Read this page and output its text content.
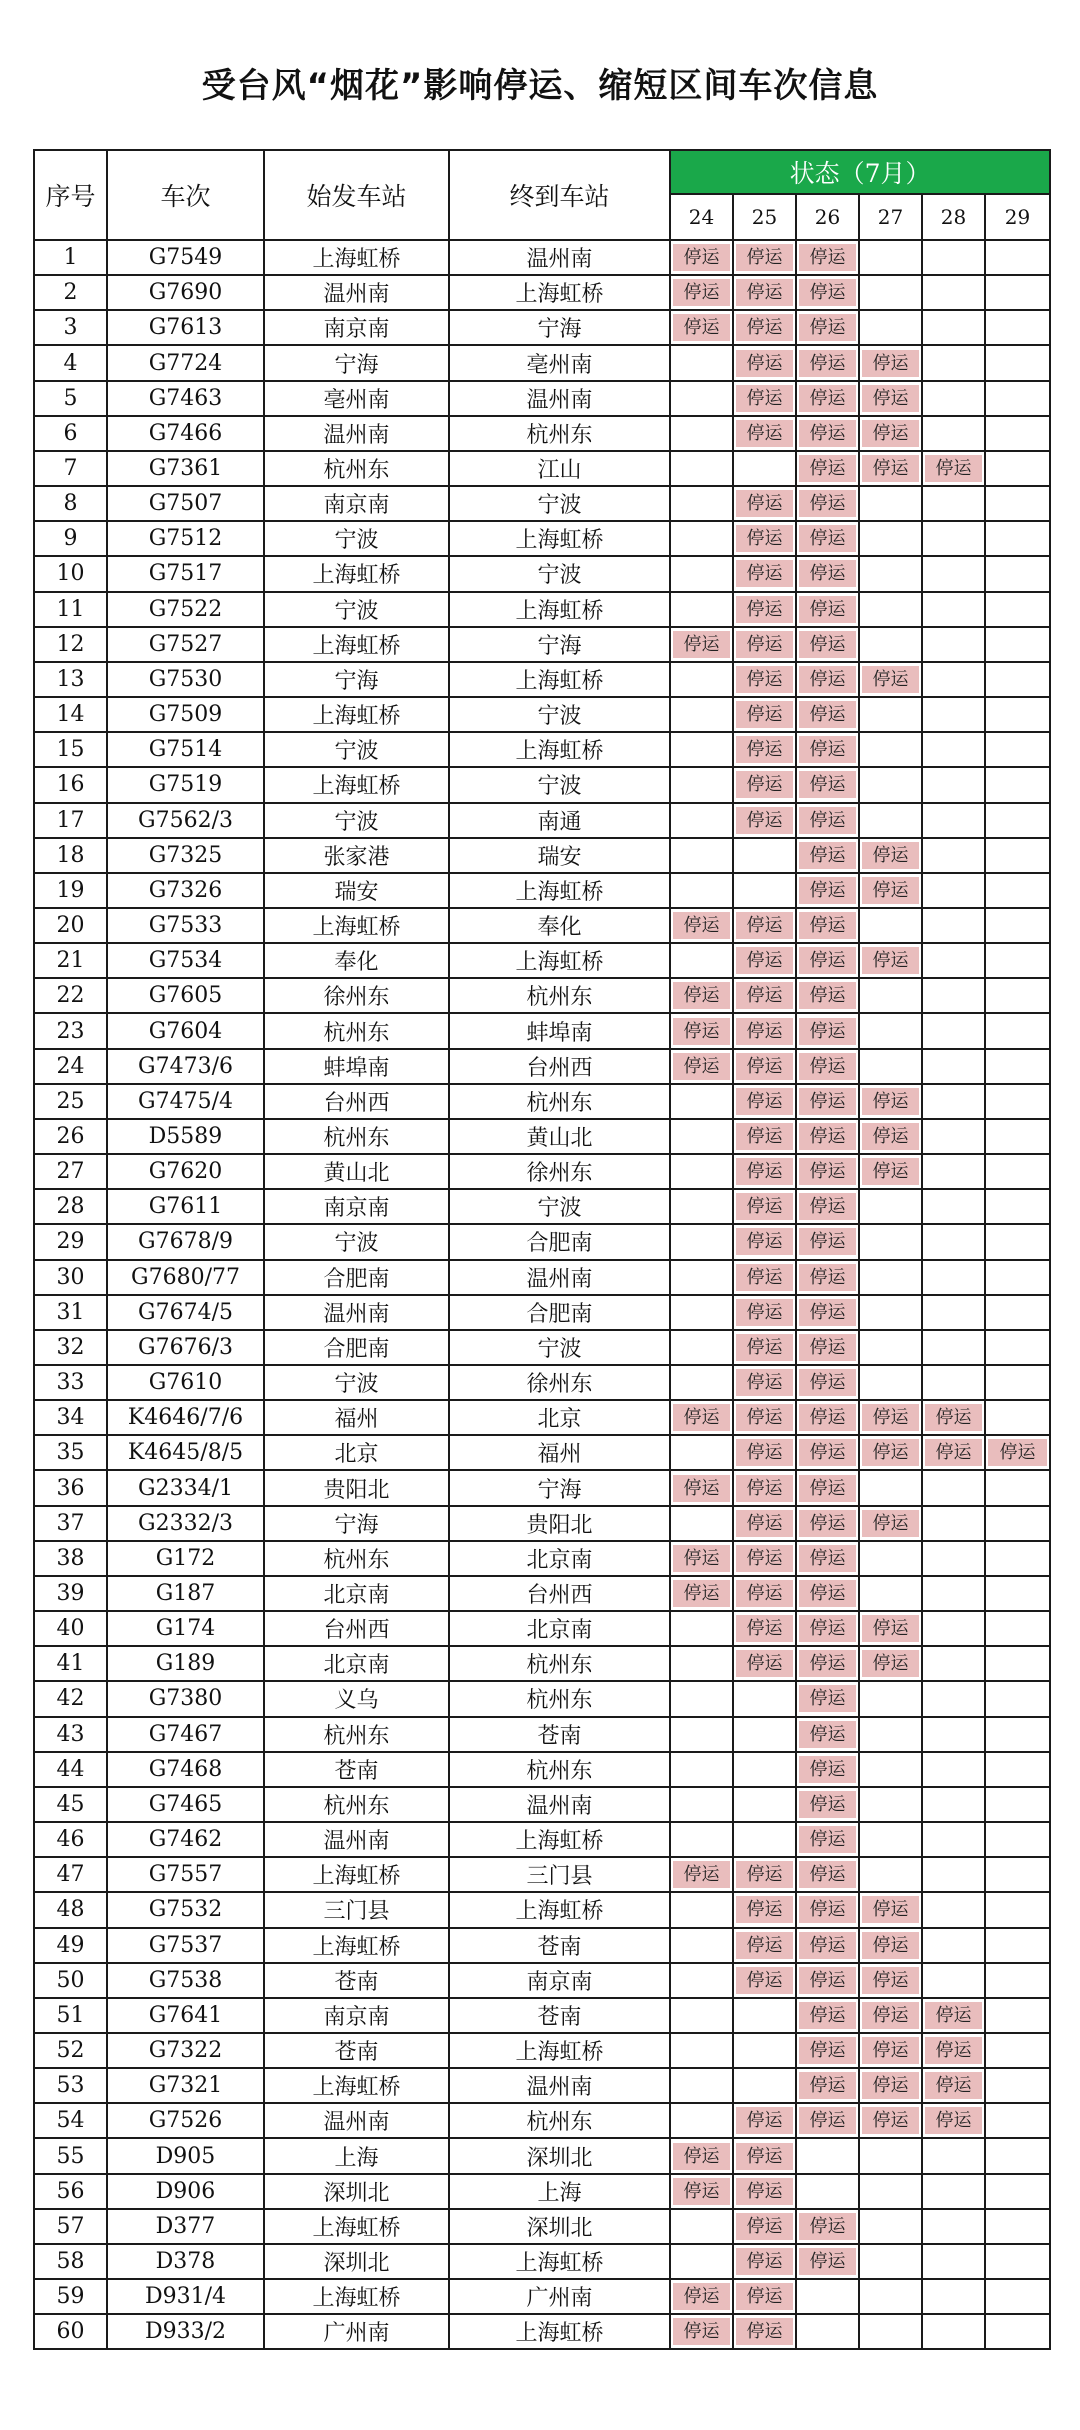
受台风“烟花”影响停运、缩短区间车次信息
序号	车次	始发车站	终到车站	状态（7月）					
				24	25	26	27	28	29
1	G7549	上海虹桥	温州南	停运	停运	停运			

2	G7690	温州南	上海虹桥	停运	停运	停运			

3	G7613	南京南	宁海	停运	停运	停运			

4	G7724	宁海	亳州南		停运	停运	停运		

5	G7463	亳州南	温州南		停运	停运	停运		

6	G7466	温州南	杭州东		停运	停运	停运		

7	G7361	杭州东	江山			停运	停运	停运	

8	G7507	南京南	宁波		停运	停运			

9	G7512	宁波	上海虹桥		停运	停运			

10	G7517	上海虹桥	宁波		停运	停运			

11	G7522	宁波	上海虹桥		停运	停运			

12	G7527	上海虹桥	宁海	停运	停运	停运			

13	G7530	宁海	上海虹桥		停运	停运	停运		

14	G7509	上海虹桥	宁波		停运	停运			

15	G7514	宁波	上海虹桥		停运	停运			

16	G7519	上海虹桥	宁波		停运	停运			

17	G7562/3	宁波	南通		停运	停运			

18	G7325	张家港	瑞安			停运	停运		

19	G7326	瑞安	上海虹桥			停运	停运		

20	G7533	上海虹桥	奉化	停运	停运	停运			

21	G7534	奉化	上海虹桥		停运	停运	停运		

22	G7605	徐州东	杭州东	停运	停运	停运			

23	G7604	杭州东	蚌埠南	停运	停运	停运			

24	G7473/6	蚌埠南	台州西	停运	停运	停运			

25	G7475/4	台州西	杭州东		停运	停运	停运		

26	D5589	杭州东	黄山北		停运	停运	停运		

27	G7620	黄山北	徐州东		停运	停运	停运		

28	G7611	南京南	宁波		停运	停运			

29	G7678/9	宁波	合肥南		停运	停运			

30	G7680/77	合肥南	温州南		停运	停运			

31	G7674/5	温州南	合肥南		停运	停运			

32	G7676/3	合肥南	宁波		停运	停运			

33	G7610	宁波	徐州东		停运	停运			

34	K4646/7/6	福州	北京	停运	停运	停运	停运	停运	

35	K4645/8/5	北京	福州		停运	停运	停运	停运	停运

36	G2334/1	贵阳北	宁海	停运	停运	停运			

37	G2332/3	宁海	贵阳北		停运	停运	停运		

38	G172	杭州东	北京南	停运	停运	停运			

39	G187	北京南	台州西	停运	停运	停运			

40	G174	台州西	北京南		停运	停运	停运		

41	G189	北京南	杭州东		停运	停运	停运		

42	G7380	义乌	杭州东			停运			

43	G7467	杭州东	苍南			停运			

44	G7468	苍南	杭州东			停运			

45	G7465	杭州东	温州南			停运			

46	G7462	温州南	上海虹桥			停运			

47	G7557	上海虹桥	三门县	停运	停运	停运			

48	G7532	三门县	上海虹桥		停运	停运	停运		

49	G7537	上海虹桥	苍南		停运	停运	停运		

50	G7538	苍南	南京南		停运	停运	停运		

51	G7641	南京南	苍南			停运	停运	停运	

52	G7322	苍南	上海虹桥			停运	停运	停运	

53	G7321	上海虹桥	温州南			停运	停运	停运	

54	G7526	温州南	杭州东		停运	停运	停运	停运	

55	D905	上海	深圳北	停运	停运				

56	D906	深圳北	上海	停运	停运				

57	D377	上海虹桥	深圳北		停运	停运			

58	D378	深圳北	上海虹桥		停运	停运			

59	D931/4	上海虹桥	广州南	停运	停运				

60	D933/2	广州南	上海虹桥	停运	停运				
